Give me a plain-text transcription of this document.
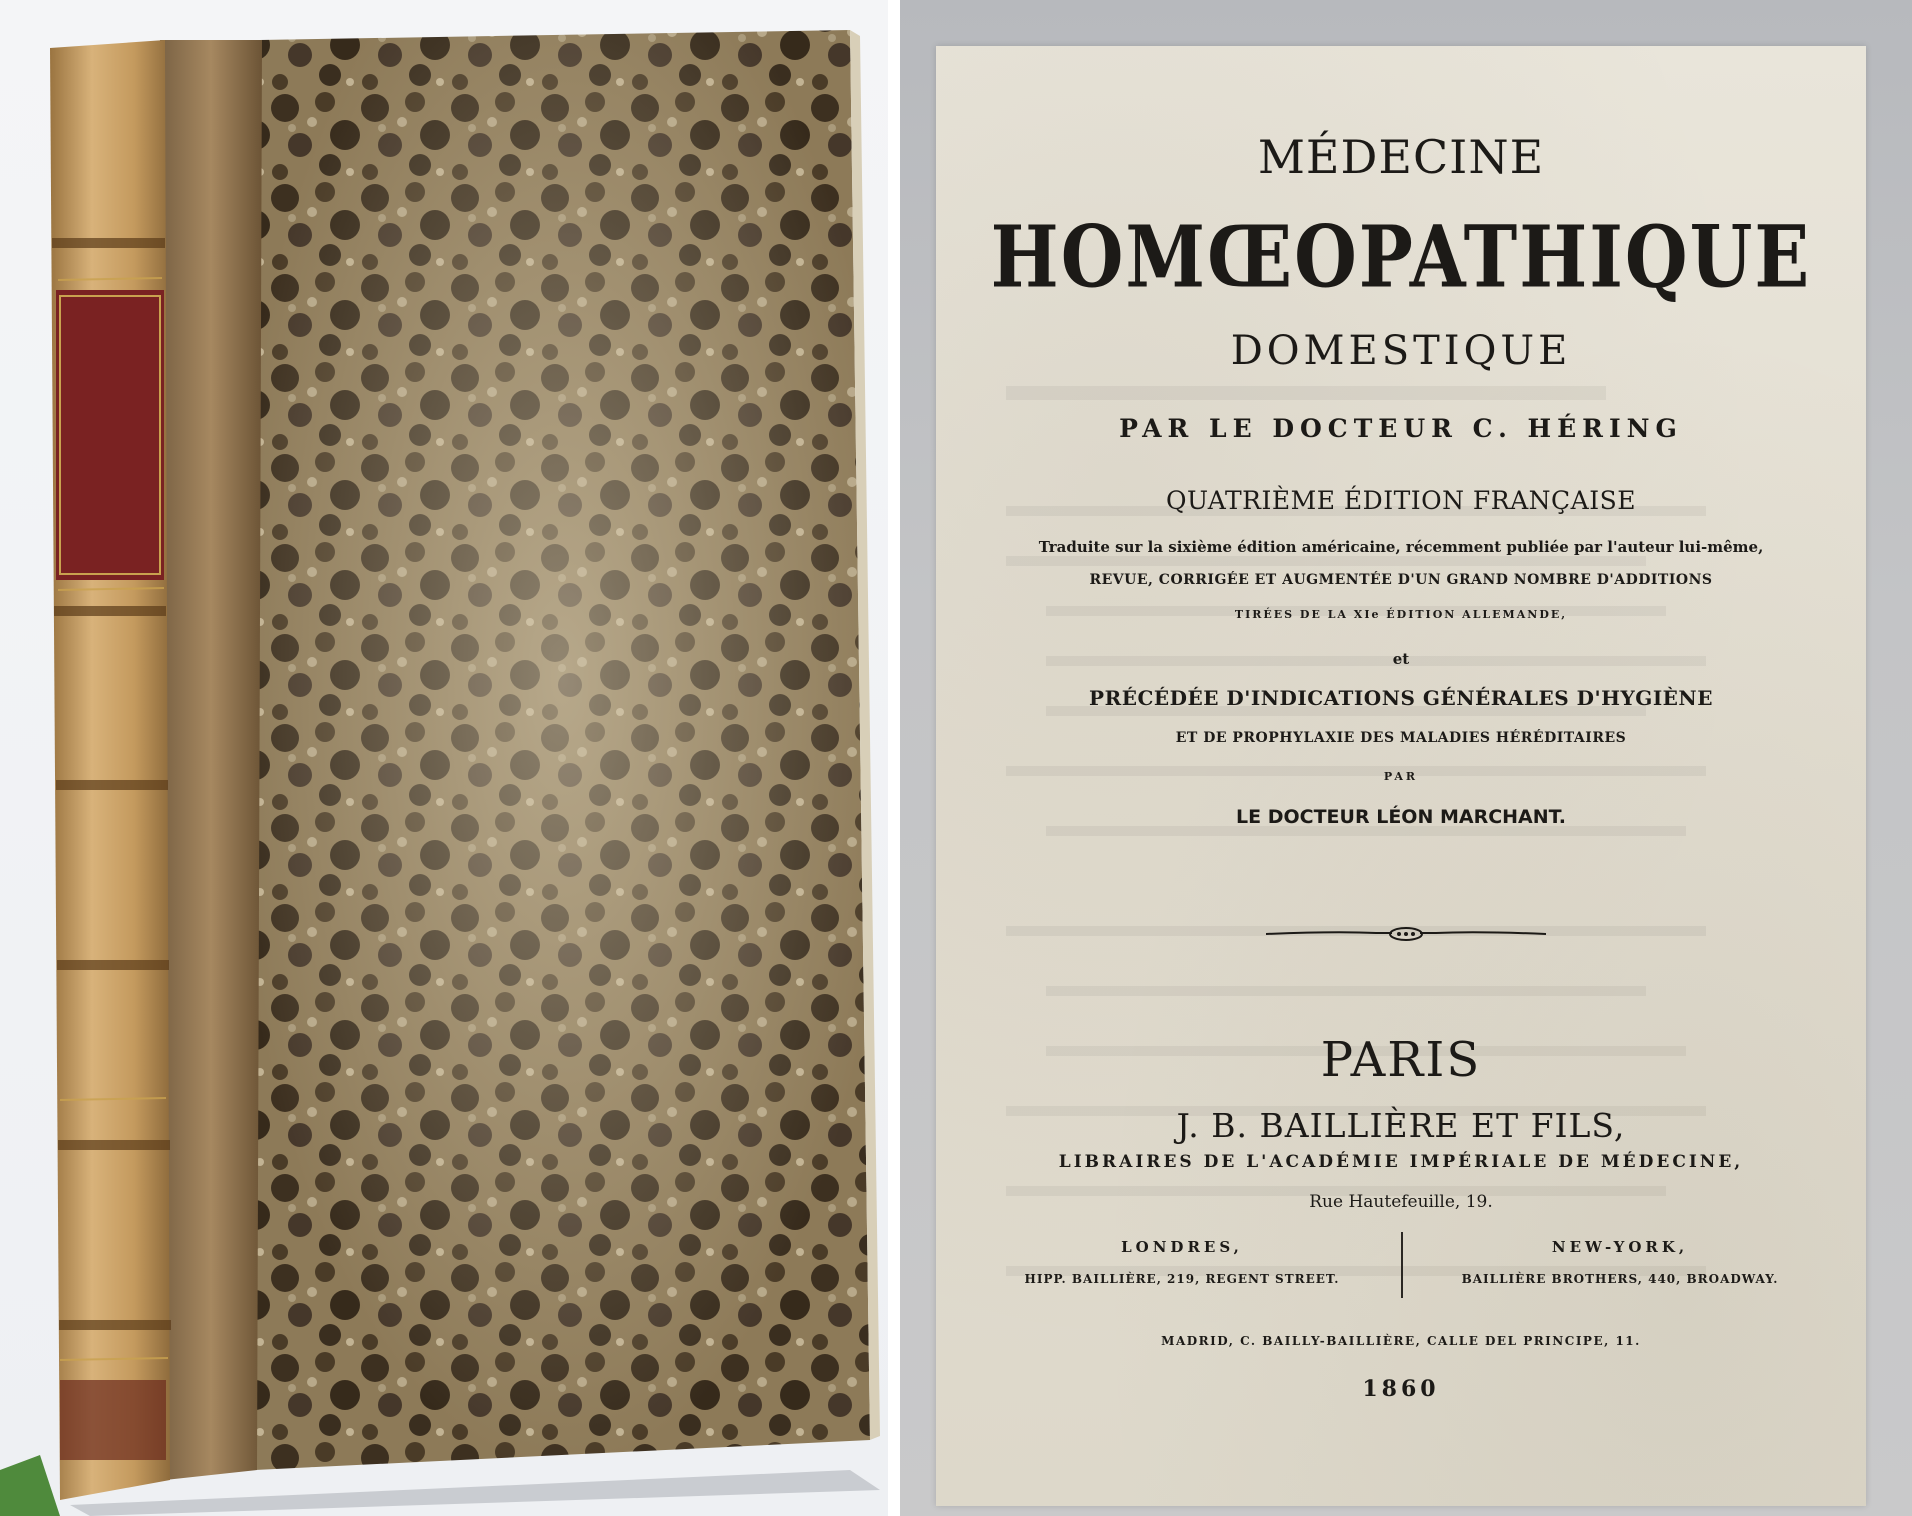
MÉDECINE
HOMŒOPATHIQUE
DOMESTIQUE
PAR LE DOCTEUR C. HÉRING
QUATRIÈME ÉDITION FRANÇAISE
Traduite sur la sixième édition américaine, récemment publiée par l'auteur lui-même,
REVUE, CORRIGÉE ET AUGMENTÉE D'UN GRAND NOMBRE D'ADDITIONS
TIRÉES DE LA XIe ÉDITION ALLEMANDE,
et
PRÉCÉDÉE D'INDICATIONS GÉNÉRALES D'HYGIÈNE
ET DE PROPHYLAXIE DES MALADIES HÉRÉDITAIRES
PAR
LE DOCTEUR LÉON MARCHANT.
PARIS
J. B. BAILLIÈRE ET FILS,
LIBRAIRES DE L'ACADÉMIE IMPÉRIALE DE MÉDECINE,
Rue Hautefeuille, 19.
LONDRES,
HIPP. BAILLIÈRE, 219, REGENT STREET.
NEW-YORK,
BAILLIÈRE BROTHERS, 440, BROADWAY.
MADRID, C. BAILLY-BAILLIÈRE, CALLE DEL PRINCIPE, 11.
1860
